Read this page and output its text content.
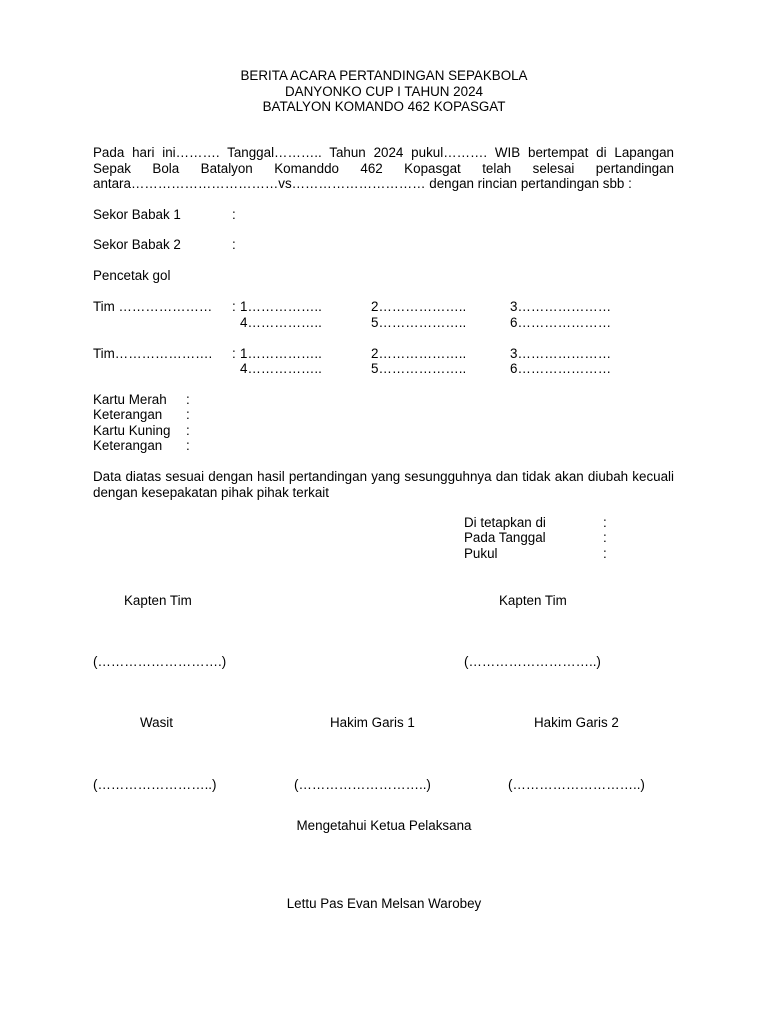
BERITA ACARA PERTANDINGAN SEPAKBOLA
DANYONKO CUP I TAHUN 2024
BATALYON KOMANDO 462 KOPASGAT
Pada hari ini………. Tanggal……….. Tahun 2024 pukul………. WIB bertempat di Lapangan Sepak Bola Batalyon Komanddo 462 Kopasgat telah selesai pertandingan antara……………………………vs………………………… dengan rincian pertandingan sbb :
Sekor Babak 1	:
Sekor Babak 2	:
Pencetak gol
Tim ………………… : 1……………..	2………………..	3…………………
4……………..	5………………..	6…………………
Tim…………………. : 1……………..	2………………..	3…………………
4……………..	5………………..	6…………………
Kartu Merah :
Keterangan :
Kartu Kuning :
Keterangan :
Data diatas sesuai dengan hasil pertandingan yang sesungguhnya dan tidak akan diubah kecuali dengan kesepakatan pihak pihak terkait
Di tetapkan di	:
Pada Tanggal	:
Pukul	:
Kapten Tim	Kapten Tim
(……………………….)	(………………………..)
Wasit	Hakim Garis 1	Hakim Garis 2
(……………………..)	(………………………..)	(………………………..)
Mengetahui Ketua Pelaksana
Lettu Pas Evan Melsan Warobey
